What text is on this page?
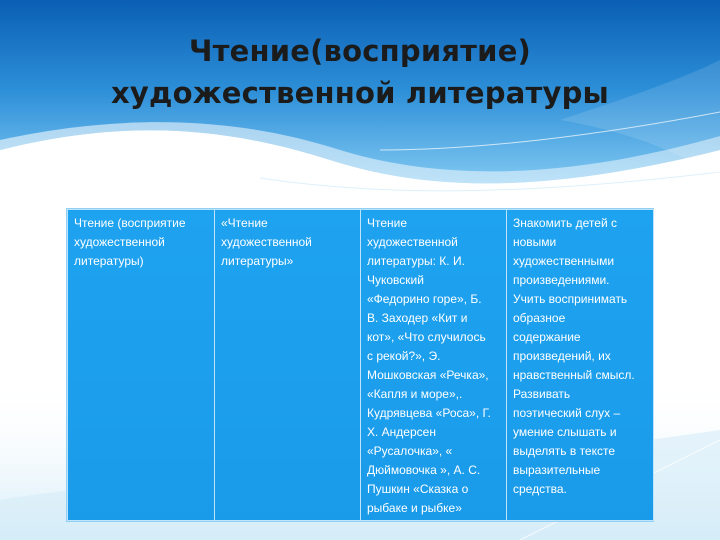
Чтение(восприятие)
художественной литературы
Чтение (восприятие
художественной
литературы)

«Чтение
художественной
литературы»

Чтение
художественной
литературы: К. И.
Чуковский
«Федорино горе», Б.
В. Заходер «Кит и
кот», «Что случилось
с рекой?», Э.
Мошковская «Речка»,
«Капля и море»,.
Кудрявцева «Роса», Г.
Х. Андерсен
«Русалочка», «
Дюймовочка », А. С.
Пушкин «Сказка о
рыбаке и рыбке»

Знакомить детей с
новыми
художественными
произведениями.
Учить воспринимать
образное
содержание
произведений, их
нравственный смысл.
Развивать
поэтический слух –
умение слышать и
выделять в тексте
выразительные
средства.
